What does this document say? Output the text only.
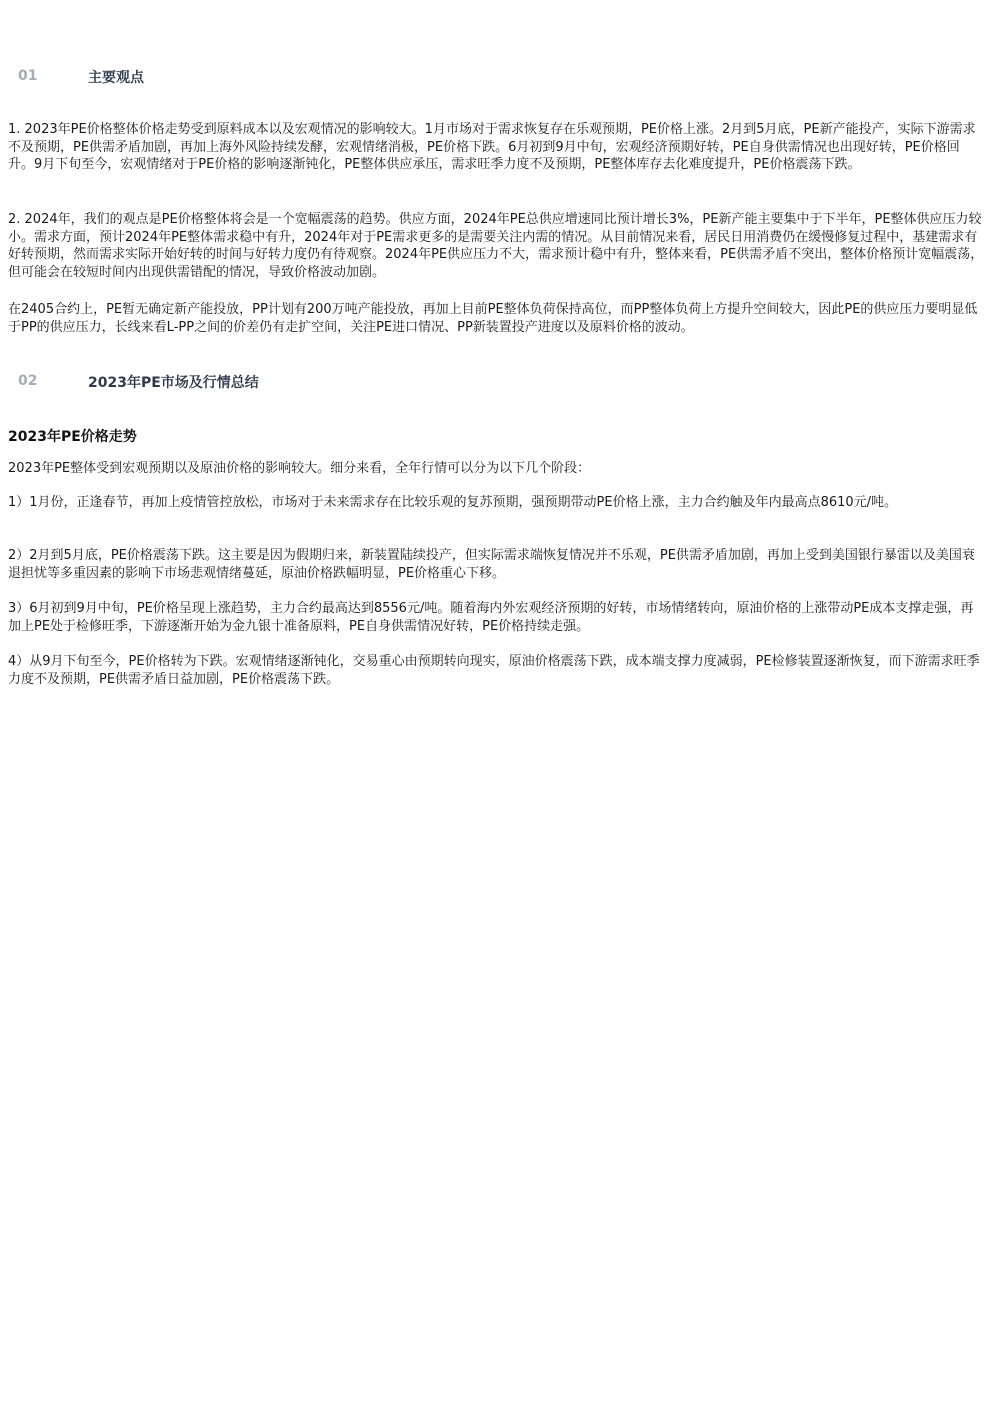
01	主要观点

1. 2023年PE价格整体价格走势受到原料成本以及宏观情况的影响较大。1月市场对于需求恢复存在乐观预期，PE价格上涨。2月到5月底，PE新产能投产，实际下游需求不及预期，PE供需矛盾加剧，再加上海外风险持续发酵，宏观情绪消极，PE价格下跌。6月初到9月中旬，宏观经济预期好转，PE自身供需情况也出现好转，PE价格回升。9月下旬至今，宏观情绪对于PE价格的影响逐渐钝化，PE整体供应承压，需求旺季力度不及预期，PE整体库存去化难度提升，PE价格震荡下跌。

2. 2024年，我们的观点是PE价格整体将会是一个宽幅震荡的趋势。供应方面，2024年PE总供应增速同比预计增长3%，PE新产能主要集中于下半年，PE整体供应压力较小。需求方面，预计2024年PE整体需求稳中有升，2024年对于PE需求更多的是需要关注内需的情况。从目前情况来看，居民日用消费仍在缓慢修复过程中，基建需求有好转预期，然而需求实际开始好转的时间与好转力度仍有待观察。2024年PE供应压力不大，需求预计稳中有升，整体来看，PE供需矛盾不突出，整体价格预计宽幅震荡，但可能会在较短时间内出现供需错配的情况，导致价格波动加剧。

在2405合约上，PE暂无确定新产能投放，PP计划有200万吨产能投放，再加上目前PE整体负荷保持高位，而PP整体负荷上方提升空间较大，因此PE的供应压力要明显低于PP的供应压力，长线来看L-PP之间的价差仍有走扩空间，关注PE进口情况、PP新装置投产进度以及原料价格的波动。

02	2023年PE市场及行情总结

2023年PE价格走势

2023年PE整体受到宏观预期以及原油价格的影响较大。细分来看，全年行情可以分为以下几个阶段：

1）1月份，正逢春节，再加上疫情管控放松，市场对于未来需求存在比较乐观的复苏预期，强预期带动PE价格上涨，主力合约触及年内最高点8610元/吨。

2）2月到5月底，PE价格震荡下跌。这主要是因为假期归来，新装置陆续投产，但实际需求端恢复情况并不乐观，PE供需矛盾加剧，再加上受到美国银行暴雷以及美国衰退担忧等多重因素的影响下市场悲观情绪蔓延，原油价格跌幅明显，PE价格重心下移。

3）6月初到9月中旬，PE价格呈现上涨趋势，主力合约最高达到8556元/吨。随着海内外宏观经济预期的好转，市场情绪转向，原油价格的上涨带动PE成本支撑走强，再加上PE处于检修旺季，下游逐渐开始为金九银十准备原料，PE自身供需情况好转，PE价格持续走强。

4）从9月下旬至今，PE价格转为下跌。宏观情绪逐渐钝化，交易重心由预期转向现实，原油价格震荡下跌，成本端支撑力度减弱，PE检修装置逐渐恢复，而下游需求旺季力度不及预期，PE供需矛盾日益加剧，PE价格震荡下跌。
